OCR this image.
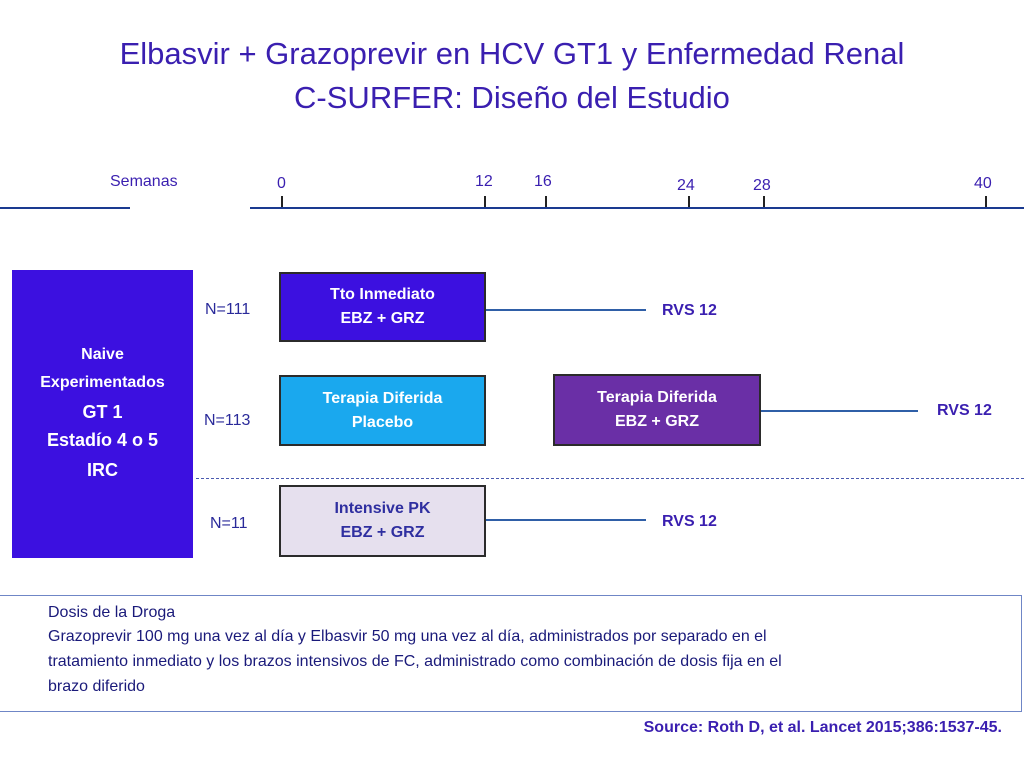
Elbasvir + Grazoprevir en HCV GT1 y Enfermedad Renal
C-SURFER: Diseño del Estudio
Semanas	0	12	16	24	28	40
Naive
Experimentados
GT 1
Estadío 4 o 5
IRC
N=111
N=113
N=11
Tto Inmediato
EBZ + GRZ	RVS 12
Terapia Diferida
Placebo
Terapia Diferida
EBZ + GRZ
RVS 12
Intensive PK
EBZ + GRZ
RVS 12
Dosis de la Droga
Grazoprevir 100 mg una vez al día y Elbasvir 50 mg una vez al día, administrados por separado en el
tratamiento inmediato y los brazos intensivos de FC, administrado como combinación de dosis fija en el
brazo diferido
Source: Roth D, et al. Lancet 2015;386:1537-45.
